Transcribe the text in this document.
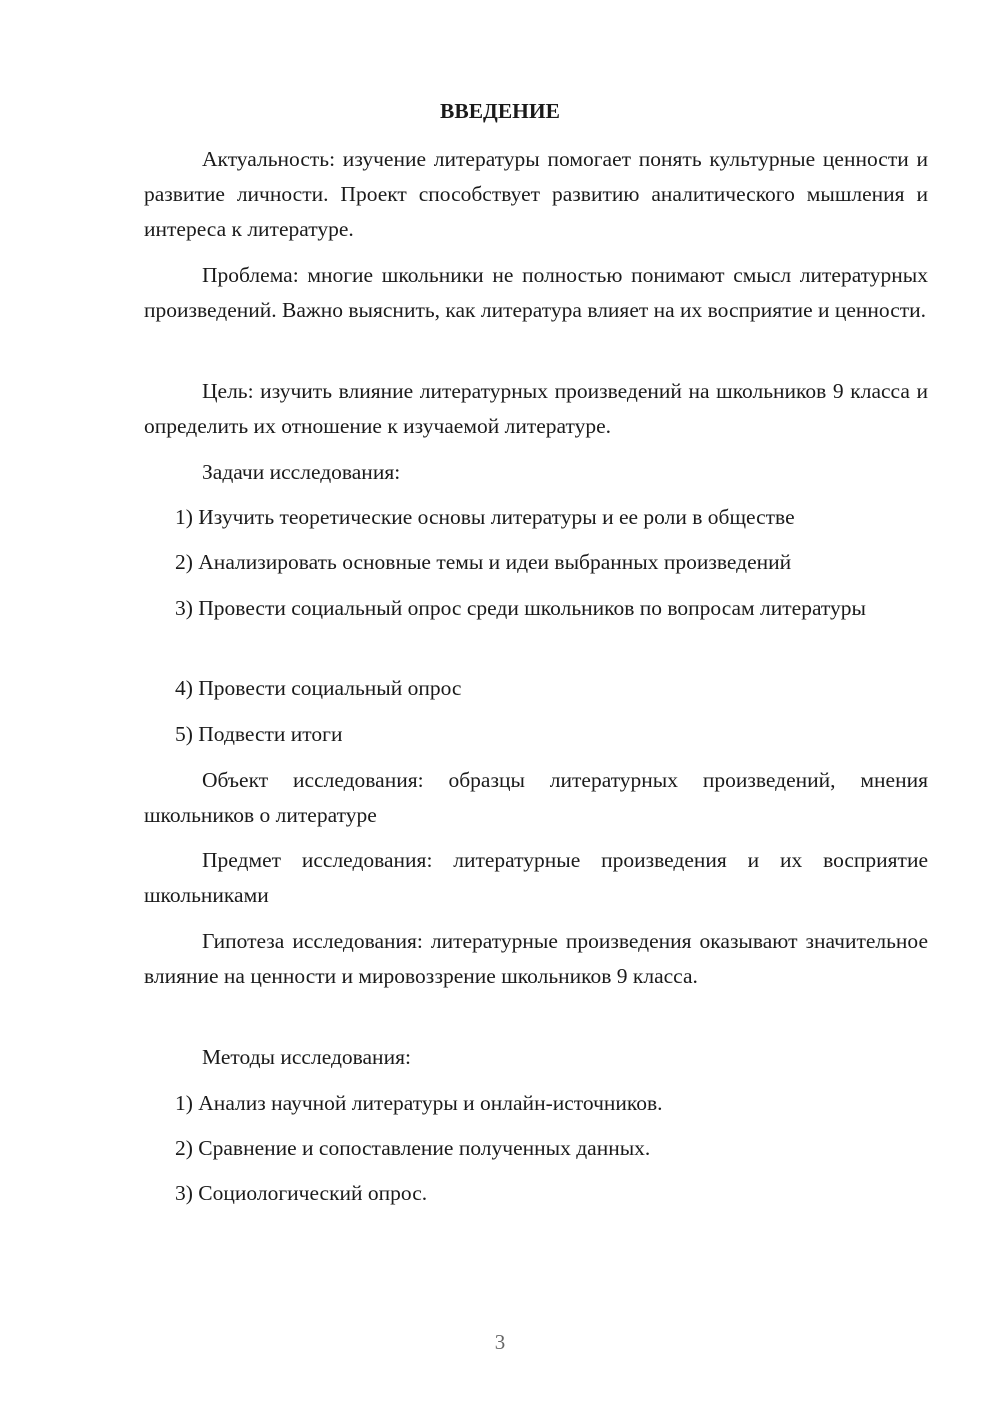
ВВЕДЕНИЕ

Актуальность: изучение литературы помогает понять культурные ценности и развитие личности. Проект способствует развитию аналитического мышления и интереса к литературе.

Проблема: многие школьники не полностью понимают смысл литературных произведений. Важно выяснить, как литература влияет на их восприятие и ценности.

Цель: изучить влияние литературных произведений на школьников 9 класса и определить их отношение к изучаемой литературе.

Задачи исследования:

1) Изучить теоретические основы литературы и ее роли в обществе

2) Анализировать основные темы и идеи выбранных произведений

3) Провести социальный опрос среди школьников по вопросам литературы

4) Провести социальный опрос

5) Подвести итоги

Объект исследования: образцы литературных произведений, мнения школьников о литературе

Предмет исследования: литературные произведения и их восприятие школьниками

Гипотеза исследования: литературные произведения оказывают значительное влияние на ценности и мировоззрение школьников 9 класса.

Методы исследования:

1) Анализ научной литературы и онлайн-источников.

2) Сравнение и сопоставление полученных данных.

3) Социологический опрос.

3
